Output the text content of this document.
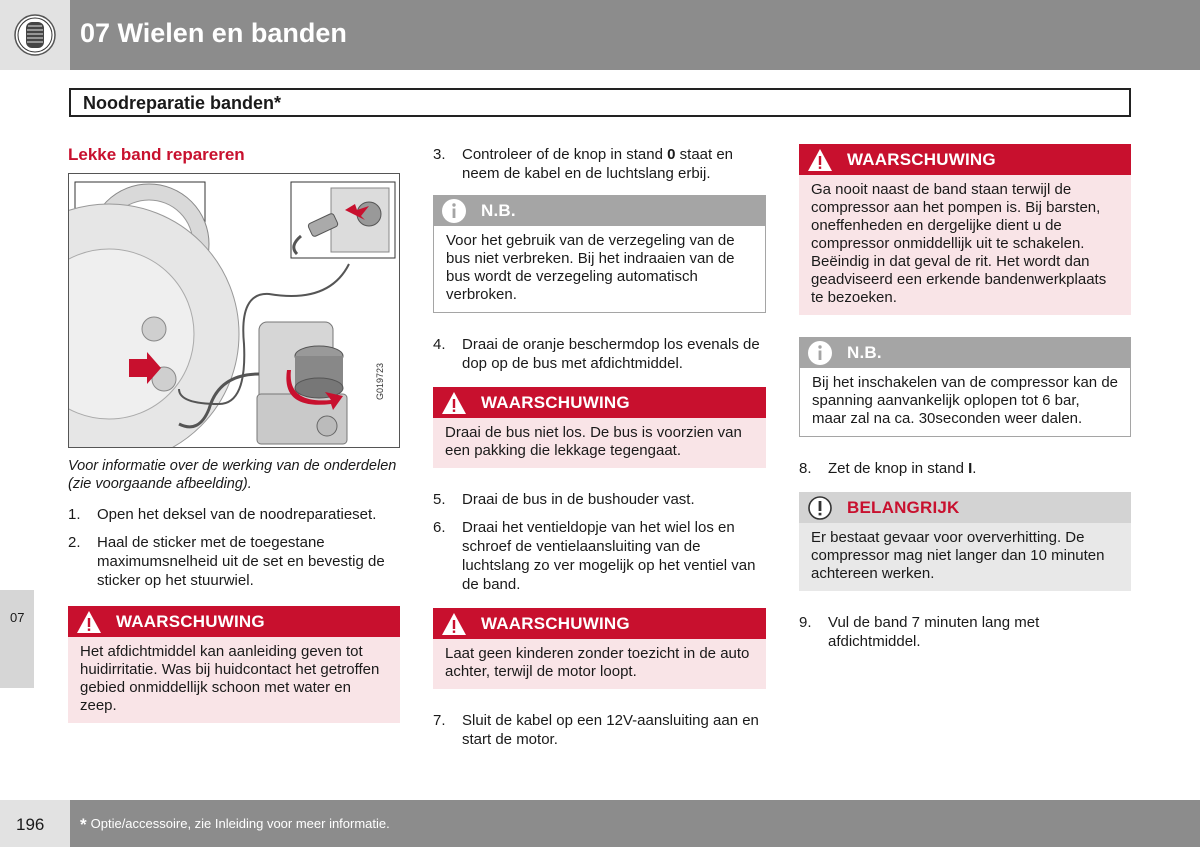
07 Wielen en banden
Noodreparatie banden*
07
Lekke band repareren
G019723
Voor informatie over de werking van de onderdelen (zie voorgaande afbeelding).
1.	Open het deksel van de noodreparatieset.
2.	Haal de sticker met de toegestane maximumsnelheid uit de set en bevestig de sticker op het stuurwiel.
WAARSCHUWING
Het afdichtmiddel kan aanleiding geven tot huidirritatie. Was bij huidcontact het getroffen gebied onmiddellijk schoon met water en zeep.
3.	Controleer of de knop in stand 0 staat en neem de kabel en de luchtslang erbij.
N.B.
Voor het gebruik van de verzegeling van de bus niet verbreken. Bij het indraaien van de bus wordt de verzegeling automatisch verbroken.
4.	Draai de oranje beschermdop los evenals de dop op de bus met afdichtmiddel.
WAARSCHUWING
Draai de bus niet los. De bus is voorzien van een pakking die lekkage tegengaat.
5.	Draai de bus in de bushouder vast.
6.	Draai het ventieldopje van het wiel los en schroef de ventielaansluiting van de luchtslang zo ver mogelijk op het ventiel van de band.
WAARSCHUWING
Laat geen kinderen zonder toezicht in de auto achter, terwijl de motor loopt.
7.	Sluit de kabel op een 12V-aansluiting aan en start de motor.
WAARSCHUWING
Ga nooit naast de band staan terwijl de compressor aan het pompen is. Bij barsten, oneffenheden en dergelijke dient u de compressor onmiddellijk uit te schakelen. Beëindig in dat geval de rit. Het wordt dan geadviseerd een erkende bandenwerkplaats te bezoeken.
N.B.
Bij het inschakelen van de compressor kan de spanning aanvankelijk oplopen tot 6 bar, maar zal na ca. 30seconden weer dalen.
8.	Zet de knop in stand I.
BELANGRIJK
Er bestaat gevaar voor oververhitting. De compressor mag niet langer dan 10 minuten achtereen werken.
9.	Vul de band 7 minuten lang met afdichtmiddel.
196 * Optie/accessoire, zie Inleiding voor meer informatie.
